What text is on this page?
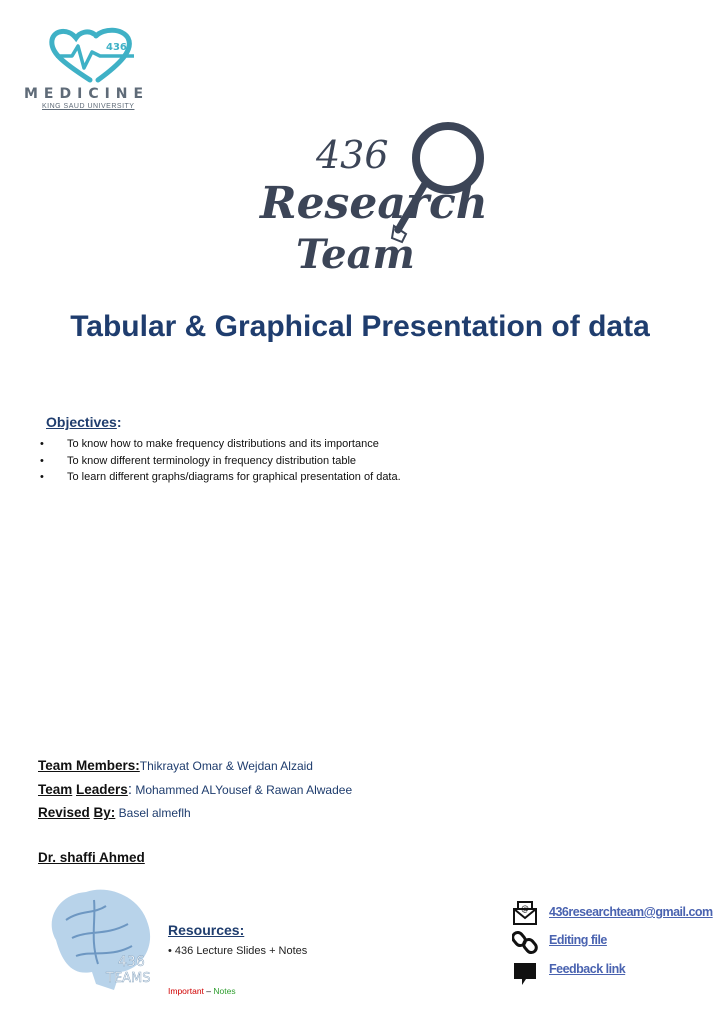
436
MEDICINE
KING SAUD UNIVERSITY
436
Research
Team
Tabular & Graphical Presentation of data
Objectives:
• To know how to make frequency distributions and its importance
• To know different terminology in frequency distribution table
• To learn different graphs/diagrams for graphical presentation of data.
Team Members:Thikrayat Omar & Wejdan Alzaid
Team Leaders: Mohammed ALYousef & Rawan Alwadee
Revised By: Basel almeflh
Dr. shaffi Ahmed
436
TEAMS
Resources:
• 436 Lecture Slides + Notes
Important – Notes
@ 436researchteam@gmail.com
Editing file
Feedback link
